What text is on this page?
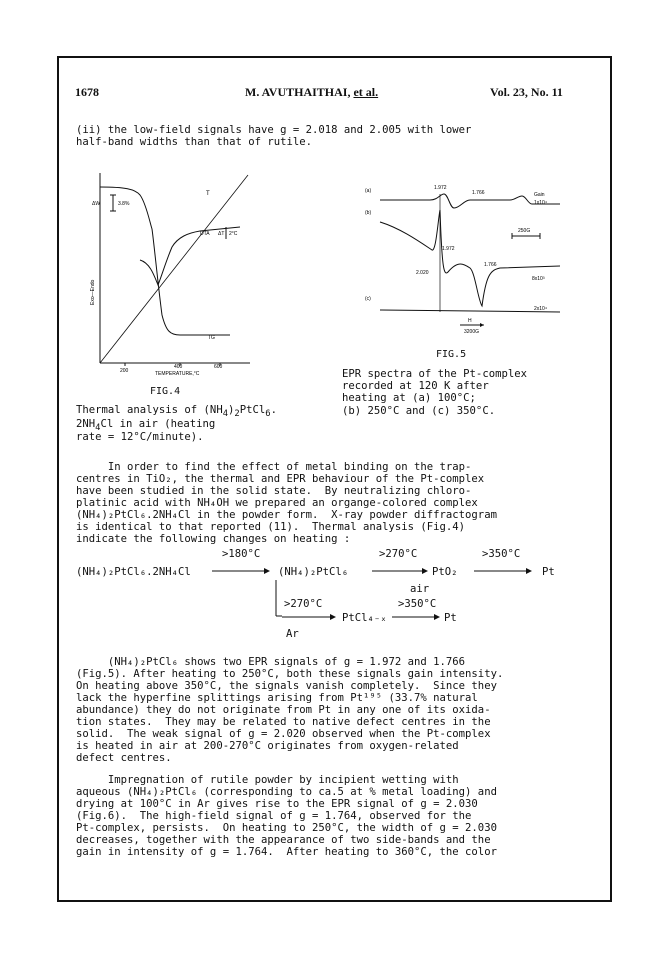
1678	M. AVUTHAITHAI, et al.	Vol. 23, No. 11
(ii) the low-field signals have g = 2.018 and 2.005 with lower
half-band widths than that of rutile.
ΔW	3.8%
DTA ΔT 2°C
T
TG
Exo—Endo
200
400	600
TEMPERATURE,°C
FIG.4
Thermal analysis of $(NH_4)_2PtCl_6$.
$2NH_4Cl$ in air (heating
rate = 12°C/minute).
(a)
(b)
(c)
1.972
1.766
1.972
2.020
1.766
Gain
1x10⁴
8x10³
2x10⁴
250G
H
3200G
FIG.5
EPR spectra of the Pt-complex
recorded at 120 K after
heating at (a) 100°C;
(b) 250°C and (c) 350°C.
In order to find the effect of metal binding on the trap-
centres in TiO₂, the thermal and EPR behaviour of the Pt-complex
have been studied in the solid state.  By neutralizing chloro-
platinic acid with NH₄OH we prepared an organge-colored complex
(NH₄)₂PtCl₆.2NH₄Cl in the powder form.  X-ray powder diffractogram
is identical to that reported (11).  Thermal analysis (Fig.4)
indicate the following changes on heating :
>180°C	>270°C	>350°C
(NH₄)₂PtCl₆.2NH₄Cl	(NH₄)₂PtCl₆	PtO₂	Pt
air
>270°C	>350°C
PtCl₄₋ₓ	Pt
Ar
(NH₄)₂PtCl₆ shows two EPR signals of g = 1.972 and 1.766
(Fig.5). After heating to 250°C, both these signals gain intensity.
On heating above 350°C, the signals vanish completely.  Since they
lack the hyperfine splittings arising from Pt¹⁹⁵ (33.7% natural
abundance) they do not originate from Pt in any one of its oxida-
tion states.  They may be related to native defect centres in the
solid.  The weak signal of g = 2.020 observed when the Pt-complex
is heated in air at 200-270°C originates from oxygen-related
defect centres.
Impregnation of rutile powder by incipient wetting with
aqueous (NH₄)₂PtCl₆ (corresponding to ca.5 at % metal loading) and
drying at 100°C in Ar gives rise to the EPR signal of g = 2.030
(Fig.6).  The high-field signal of g = 1.764, observed for the
Pt-complex, persists.  On heating to 250°C, the width of g = 2.030
decreases, together with the appearance of two side-bands and the
gain in intensity of g = 1.764.  After heating to 360°C, the color
